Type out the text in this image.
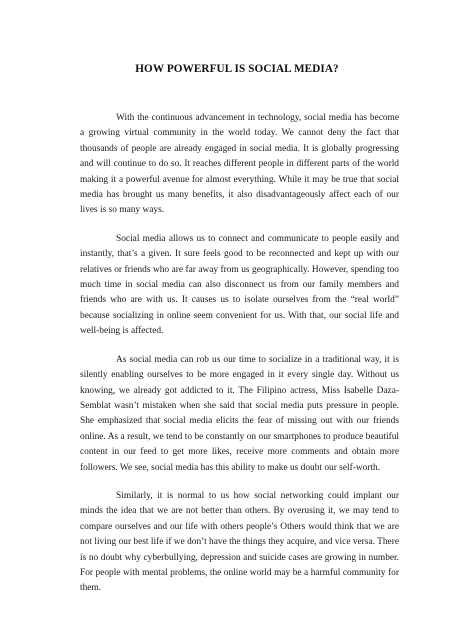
HOW POWERFUL IS SOCIAL MEDIA?

With the continuous advancement in technology, social media has become a growing virtual community in the world today. We cannot deny the fact that thousands of people are already engaged in social media. It is globally progressing and will continue to do so. It reaches different people in different parts of the world making it a powerful avenue for almost everything. While it may be true that social media has brought us many benefits, it also disadvantageously affect each of our lives is so many ways.

Social media allows us to connect and communicate to people easily and instantly, that’s a given. It sure feels good to be reconnected and kept up with our relatives or friends who are far away from us geographically. However, spending too much time in social media can also disconnect us from our family members and friends who are with us. It causes us to isolate ourselves from the “real world” because socializing in online seem convenient for us. With that, our social life and well-being is affected.

As social media can rob us our time to socialize in a traditional way, it is silently enabling ourselves to be more engaged in it every single day. Without us knowing, we already got addicted to it. The Filipino actress, Miss Isabelle Daza-Semblat wasn’t mistaken when she said that social media puts pressure in people. She emphasized that social media elicits the fear of missing out with our friends online. As a result, we tend to be constantly on our smartphones to produce beautiful content in our feed to get more likes, receive more comments and obtain more followers. We see, social media has this ability to make us doubt our self-worth.

Similarly, it is normal to us how social networking could implant our minds the idea that we are not better than others. By overusing it, we may tend to compare ourselves and our life with others people’s Others would think that we are not living our best life if we don’t have the things they acquire, and vice versa. There is no doubt why cyberbullying, depression and suicide cases are growing in number. For people with mental problems, the online world may be a harmful community for them.
